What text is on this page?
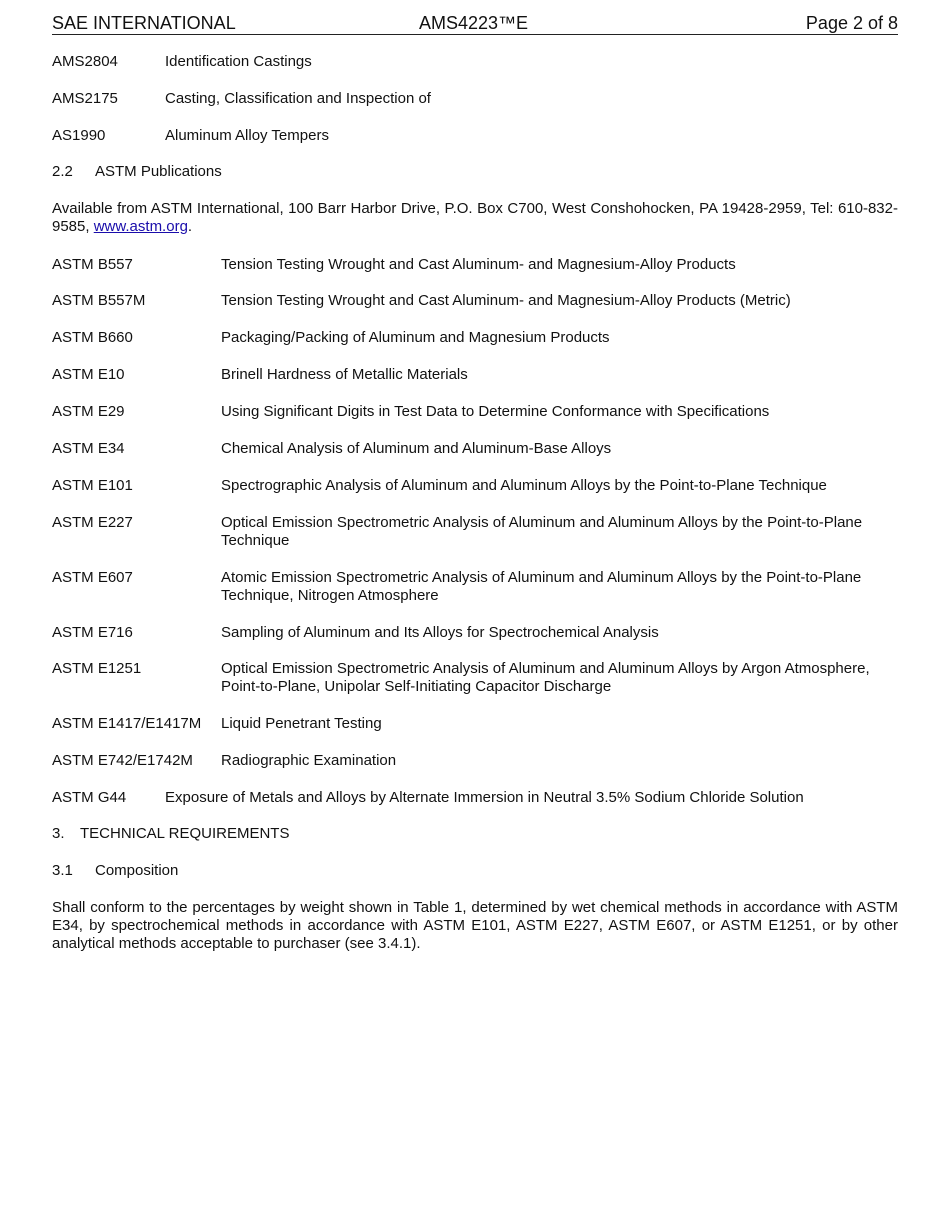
SAE INTERNATIONAL	AMS4223™E	Page 2 of 8
AMS2804	Identification Castings
AMS2175	Casting, Classification and Inspection of
AS1990	Aluminum Alloy Tempers
2.2 ASTM Publications
Available from ASTM International, 100 Barr Harbor Drive, P.O. Box C700, West Conshohocken, PA 19428-2959, Tel: 610-832-9585, www.astm.org.
ASTM B557	Tension Testing Wrought and Cast Aluminum- and Magnesium-Alloy Products
ASTM B557M	Tension Testing Wrought and Cast Aluminum- and Magnesium-Alloy Products (Metric)
ASTM B660	Packaging/Packing of Aluminum and Magnesium Products
ASTM E10	Brinell Hardness of Metallic Materials
ASTM E29	Using Significant Digits in Test Data to Determine Conformance with Specifications
ASTM E34	Chemical Analysis of Aluminum and Aluminum-Base Alloys
ASTM E101	Spectrographic Analysis of Aluminum and Aluminum Alloys by the Point-to-Plane Technique
ASTM E227	Optical Emission Spectrometric Analysis of Aluminum and Aluminum Alloys by the Point-to-Plane Technique
ASTM E607	Atomic Emission Spectrometric Analysis of Aluminum and Aluminum Alloys by the Point-to-Plane Technique, Nitrogen Atmosphere
ASTM E716	Sampling of Aluminum and Its Alloys for Spectrochemical Analysis
ASTM E1251	Optical Emission Spectrometric Analysis of Aluminum and Aluminum Alloys by Argon Atmosphere, Point-to-Plane, Unipolar Self-Initiating Capacitor Discharge
ASTM E1417/E1417M Liquid Penetrant Testing
ASTM E742/E1742M Radiographic Examination
ASTM G44	Exposure of Metals and Alloys by Alternate Immersion in Neutral 3.5% Sodium Chloride Solution
3. TECHNICAL REQUIREMENTS
3.1 Composition
Shall conform to the percentages by weight shown in Table 1, determined by wet chemical methods in accordance with ASTM E34, by spectrochemical methods in accordance with ASTM E101, ASTM E227, ASTM E607, or ASTM E1251, or by other analytical methods acceptable to purchaser (see 3.4.1).
